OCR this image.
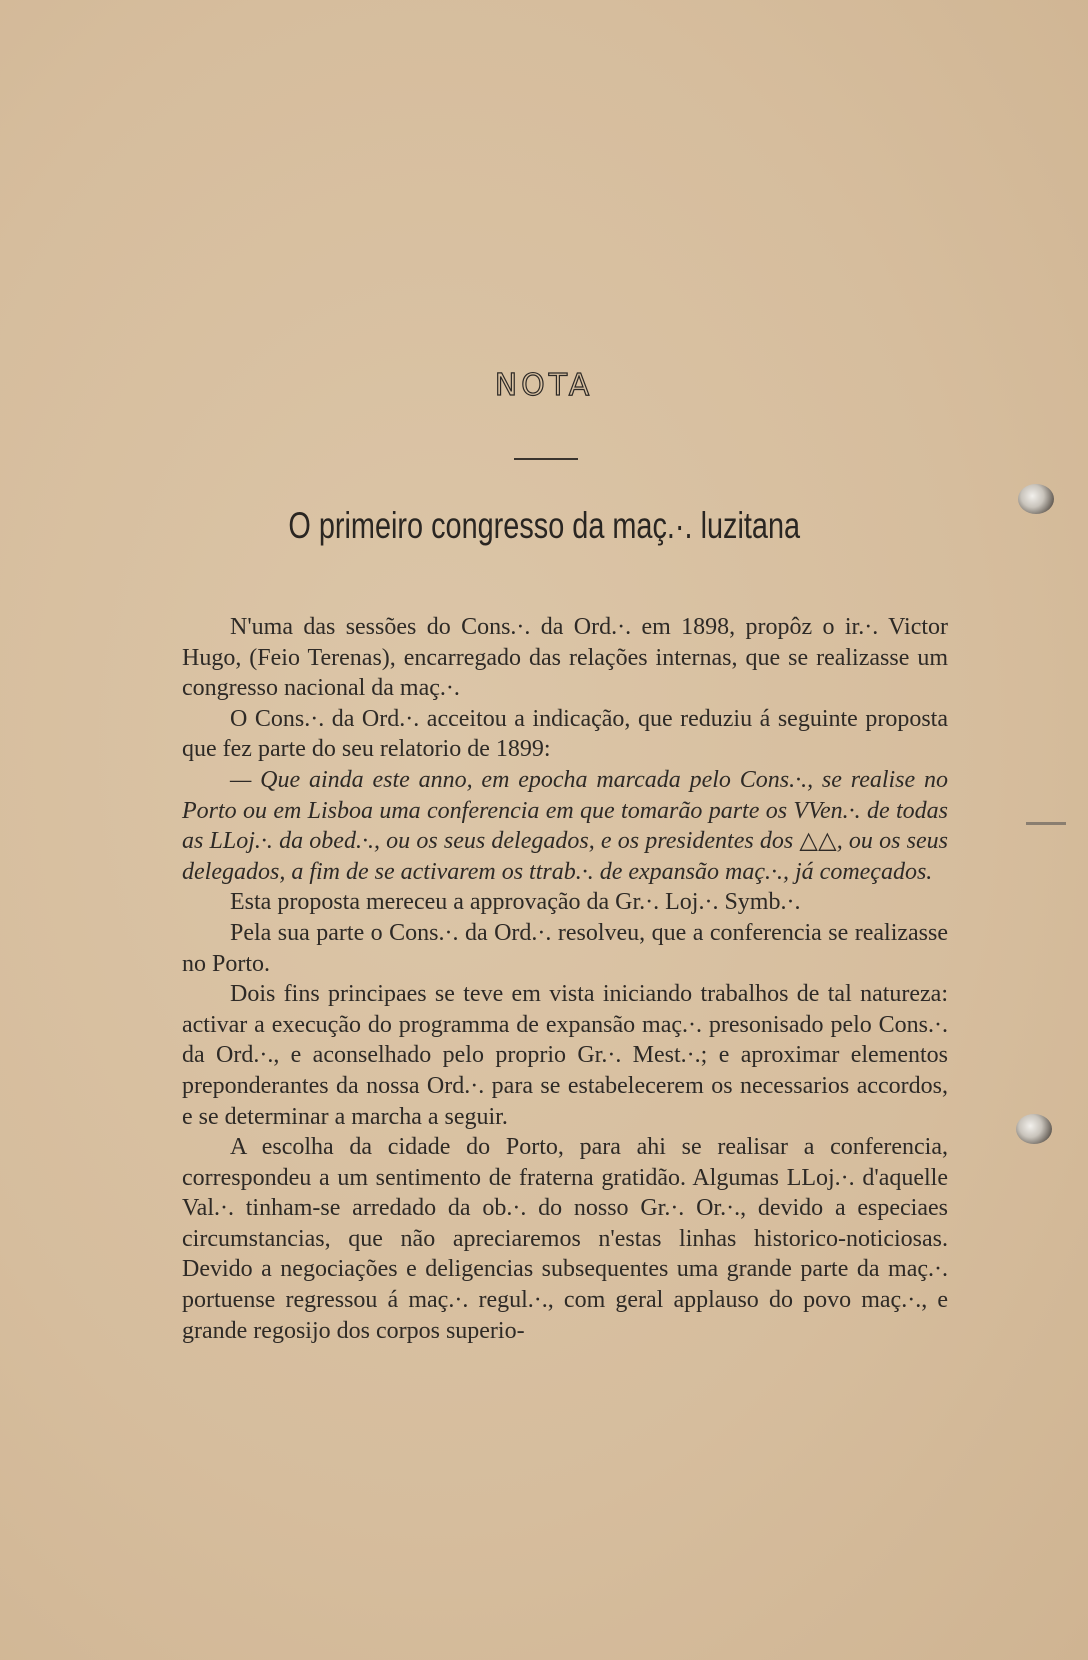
NOTA
O primeiro congresso da maç.·. luzitana

N'uma das sessões do Cons.·. da Ord.·. em 1898, propôz o ir.·. Victor Hugo, (Feio Terenas), encarregado das relações internas, que se realizasse um congresso nacional da maç.·.

O Cons.·. da Ord.·. acceitou a indicação, que reduziu á seguinte proposta que fez parte do seu relatorio de 1899:

— Que ainda este anno, em epocha marcada pelo Cons.·., se realise no Porto ou em Lisboa uma conferencia em que tomarão parte os VVen.·. de todas as LLoj.·. da obed.·., ou os seus delegados, e os presidentes dos △△, ou os seus delegados, a fim de se activarem os ttrab.·. de expansão maç.·., já começados.

Esta proposta mereceu a approvação da Gr.·. Loj.·. Symb.·.

Pela sua parte o Cons.·. da Ord.·. resolveu, que a conferencia se realizasse no Porto.

Dois fins principaes se teve em vista iniciando trabalhos de tal natureza: activar a execução do programma de expansão maç.·. presonisado pelo Cons.·. da Ord.·., e aconselhado pelo proprio Gr.·. Mest.·.; e aproximar elementos preponderantes da nossa Ord.·. para se estabelecerem os necessarios accordos, e se determinar a marcha a seguir.

A escolha da cidade do Porto, para ahi se realisar a conferencia, correspondeu a um sentimento de fraterna gratidão. Algumas LLoj.·. d'aquelle Val.·. tinham-se arredado da ob.·. do nosso Gr.·. Or.·., devido a especiaes circumstancias, que não apreciaremos n'estas linhas historico-noticiosas. Devido a negociações e deligencias subsequentes uma grande parte da maç.·. portuense regressou á maç.·. regul.·., com geral applauso do povo maç.·., e grande regosijo dos corpos superio-
